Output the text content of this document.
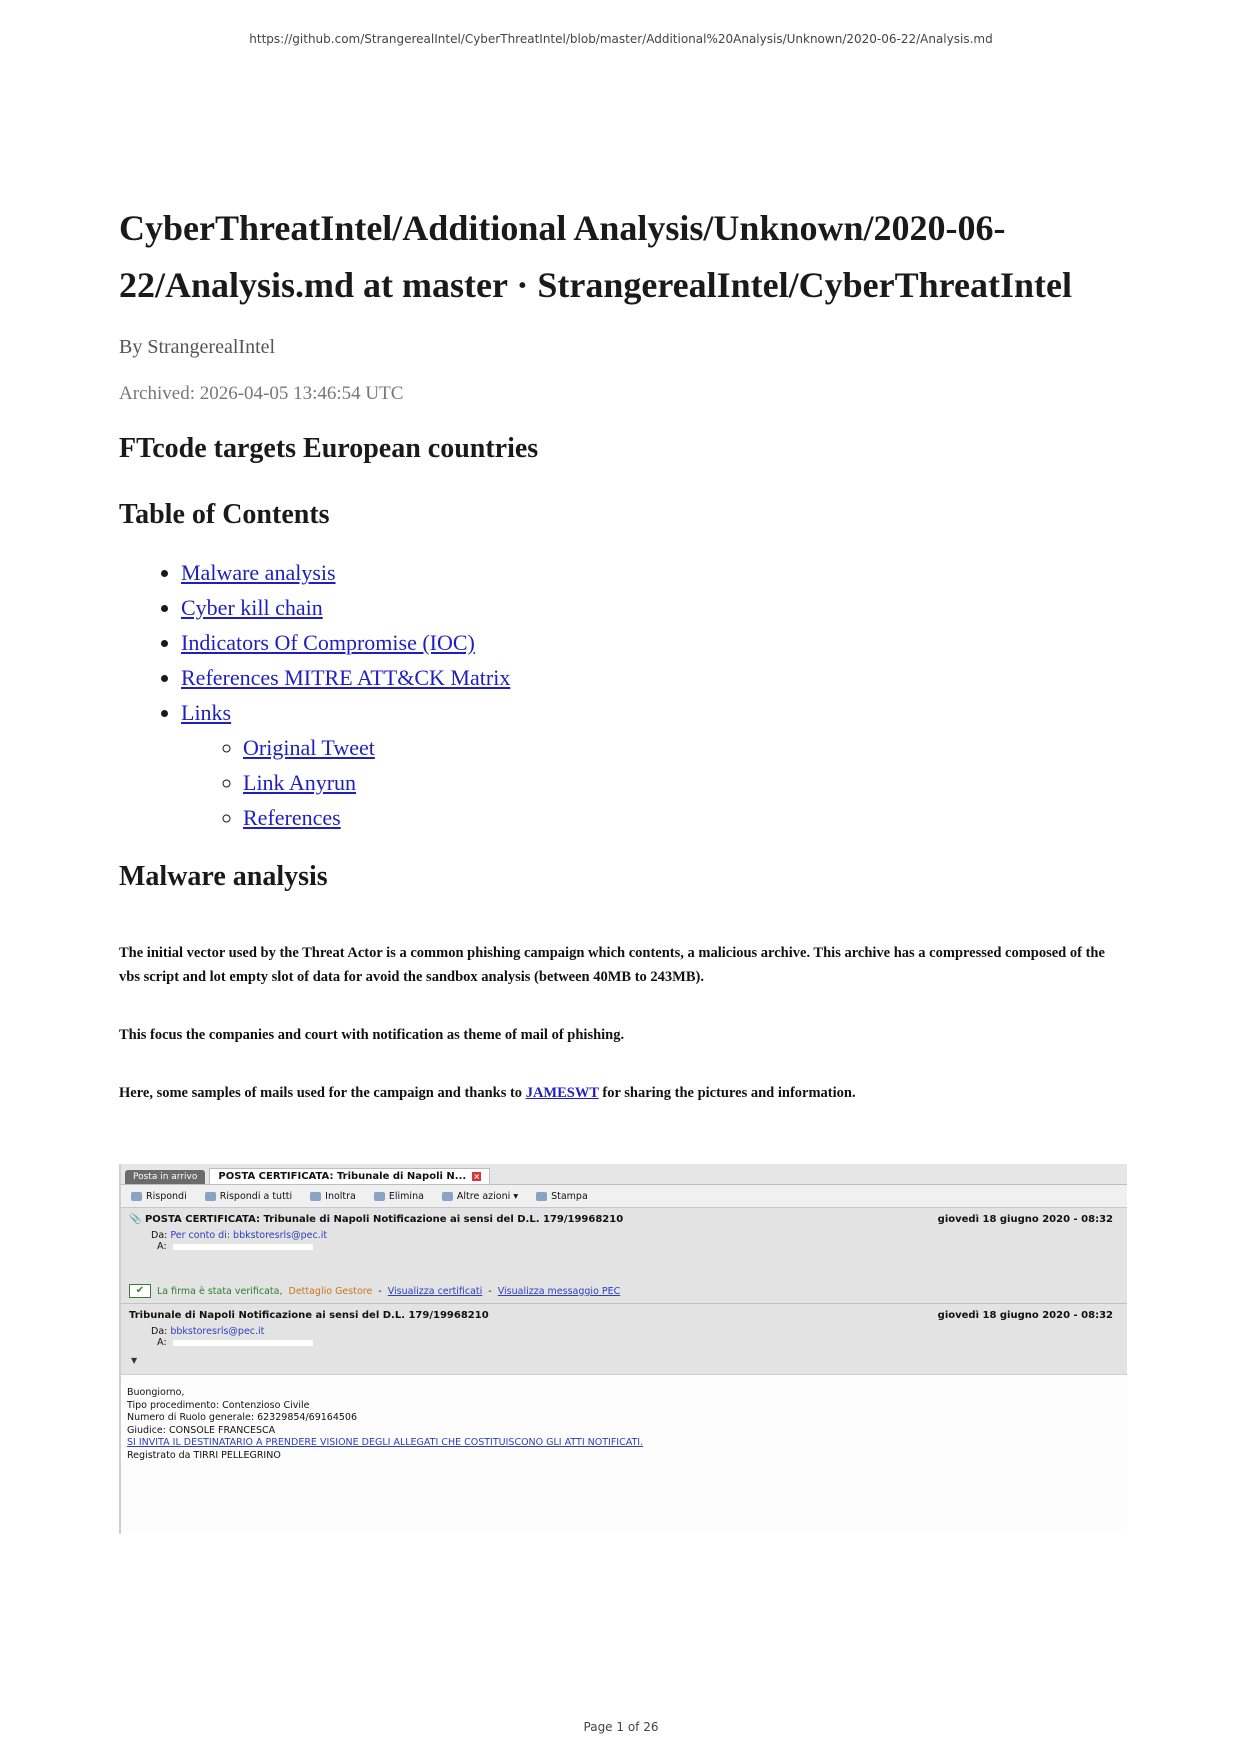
https://github.com/StrangerealIntel/CyberThreatIntel/blob/master/Additional%20Analysis/Unknown/2020-06-22/Analysis.md
CyberThreatIntel/Additional Analysis/Unknown/2020-06-
22/Analysis.md at master · StrangerealIntel/CyberThreatIntel
By StrangerealIntel
Archived: 2026-04-05 13:46:54 UTC
FTcode targets European countries
Table of Contents
• Malware analysis
• Cyber kill chain
• Indicators Of Compromise (IOC)
• References MITRE ATT&CK Matrix
• Links
◦ Original Tweet
◦ Link Anyrun
◦ References
Malware analysis

The initial vector used by the Threat Actor is a common phishing campaign which contents, a malicious archive. This archive has a compressed composed of the vbs script and lot empty slot of data for avoid the sandbox analysis (between 40MB to 243MB).

This focus the companies and court with notification as theme of mail of phishing.

Here, some samples of mails used for the campaign and thanks to JAMESWT for sharing the pictures and information.

Posta in arrivo	POSTA CERTIFICATA: Tribunale di Napoli N... ×
Rispondi	Rispondi a tutti	Inoltra	Elimina	Altre azioni ▾	Stampa
📎 POSTA CERTIFICATA: Tribunale di Napoli Notificazione ai sensi del D.L. 179/19968210	giovedì 18 giugno 2020 - 08:32
Da: Per conto di: bbkstoresrls@pec.it
A:
✔	La firma è stata verificata, Dettaglio Gestore - Visualizza certificati - Visualizza messaggio PEC
Tribunale di Napoli Notificazione ai sensi del D.L. 179/19968210	giovedì 18 giugno 2020 - 08:32
Da: bbkstoresrls@pec.it
A:
▼
Buongiorno,
Tipo procedimento: Contenzioso Civile
Numero di Ruolo generale: 62329854/69164506
Giudice: CONSOLE FRANCESCA
SI INVITA IL DESTINATARIO A PRENDERE VISIONE DEGLI ALLEGATI CHE COSTITUISCONO GLI ATTI NOTIFICATI.
Registrato da TIRRI PELLEGRINO
Page 1 of 26
